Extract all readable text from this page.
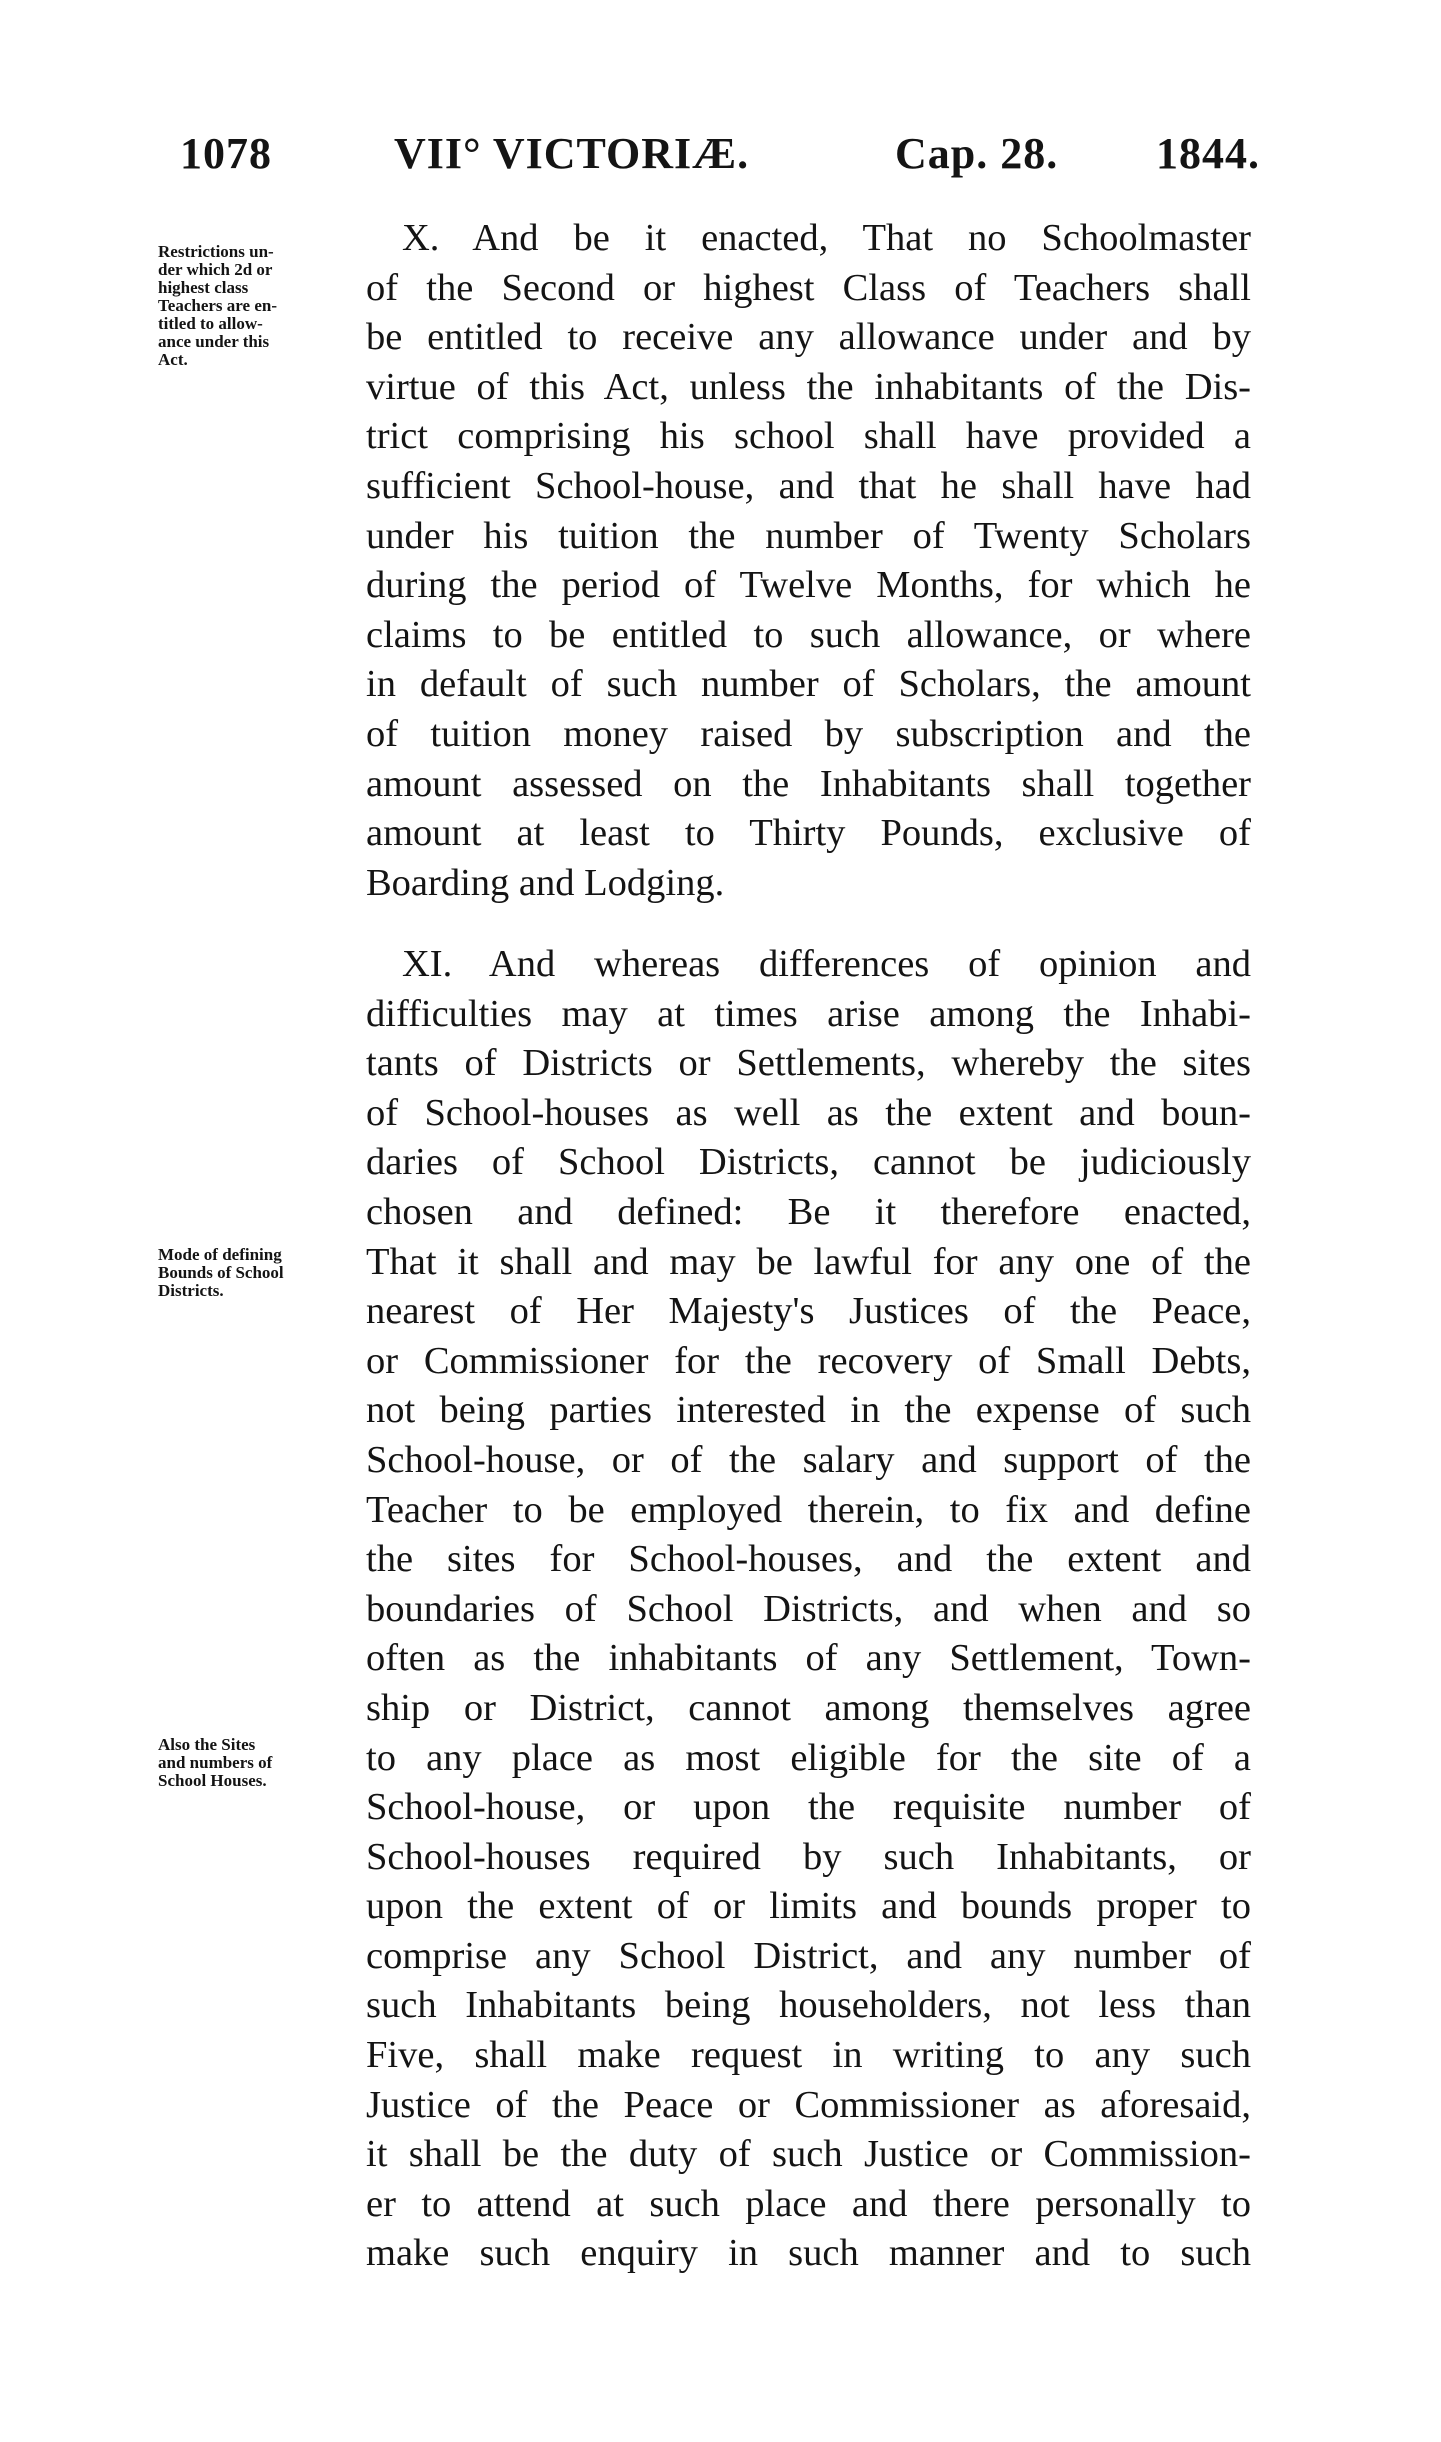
1078	VII° VICTORIÆ.	Cap. 28. 1844.
Restrictions un-
der which 2d or
highest class
Teachers are en-
titled to allow-
ance under this
Act.
Mode of defining
Bounds of School
Districts.
Also the Sites
and numbers of
School Houses.
X. And be it enacted, That no Schoolmaster
of the Second or highest Class of Teachers shall
be entitled to receive any allowance under and by
virtue of this Act, unless the inhabitants of the Dis-
trict comprising his school shall have provided a
sufficient School-house, and that he shall have had
under his tuition the number of Twenty Scholars
during the period of Twelve Months, for which he
claims to be entitled to such allowance, or where
in default of such number of Scholars, the amount
of tuition money raised by subscription and the
amount assessed on the Inhabitants shall together
amount at least to Thirty Pounds, exclusive of
Boarding and Lodging.
XI. And whereas differences of opinion and
difficulties may at times arise among the Inhabi-
tants of Districts or Settlements, whereby the sites
of School-houses as well as the extent and boun-
daries of School Districts, cannot be judiciously
chosen and defined: Be it therefore enacted,
That it shall and may be lawful for any one of the
nearest of Her Majesty's Justices of the Peace,
or Commissioner for the recovery of Small Debts,
not being parties interested in the expense of such
School-house, or of the salary and support of the
Teacher to be employed therein, to fix and define
the sites for School-houses, and the extent and
boundaries of School Districts, and when and so
often as the inhabitants of any Settlement, Town-
ship or District, cannot among themselves agree
to any place as most eligible for the site of a
School-house, or upon the requisite number of
School-houses required by such Inhabitants, or
upon the extent of or limits and bounds proper to
comprise any School District, and any number of
such Inhabitants being householders, not less than
Five, shall make request in writing to any such
Justice of the Peace or Commissioner as aforesaid,
it shall be the duty of such Justice or Commission-
er to attend at such place and there personally to
make such enquiry in such manner and to such
